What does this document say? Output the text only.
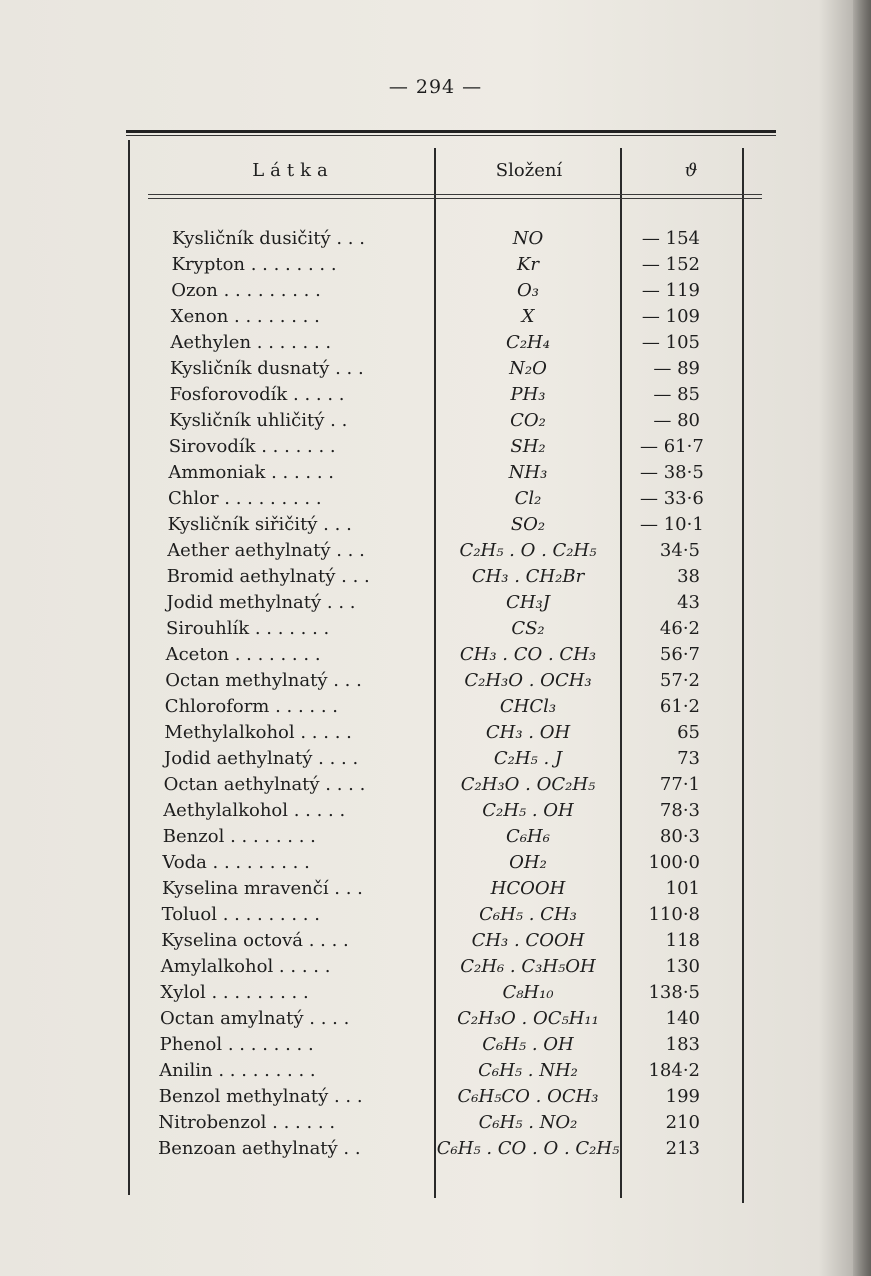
— 294 —
Látka	Složení	ϑ
Kysličník dusičitý . . .	NO	— 154
Krypton . . . . . . . .	Kr	— 152
Ozon . . . . . . . . .	O₃	— 119
Xenon . . . . . . . .	X	— 109
Aethylen . . . . . . .	C₂H₄	— 105
Kysličník dusnatý . . .	N₂O	— 89
Fosforovodík . . . . .	PH₃	— 85
Kysličník uhličitý . .	CO₂	— 80
Sirovodík . . . . . . .	SH₂	— 61·7
Ammoniak . . . . . .	NH₃	— 38·5
Chlor . . . . . . . . .	Cl₂	— 33·6
Kysličník siřičitý . . .	SO₂	— 10·1
Aether aethylnatý . . .	C₂H₅ . O . C₂H₅	34·5
Bromid aethylnatý . . .	CH₃ . CH₂Br	38
Jodid methylnatý . . .	CH₃J	43
Sirouhlík . . . . . . .	CS₂	46·2
Aceton . . . . . . . .	CH₃ . CO . CH₃	56·7
Octan methylnatý . . .	C₂H₃O . OCH₃	57·2
Chloroform . . . . . .	CHCl₃	61·2
Methylalkohol . . . . .	CH₃ . OH	65
Jodid aethylnatý . . . .	C₂H₅ . J	73
Octan aethylnatý . . . .	C₂H₃O . OC₂H₅	77·1
Aethylalkohol . . . . .	C₂H₅ . OH	78·3
Benzol . . . . . . . .	C₆H₆	80·3
Voda . . . . . . . . .	OH₂	100·0
Kyselina mravenčí . . .	HCOOH	101
Toluol . . . . . . . . .	C₆H₅ . CH₃	110·8
Kyselina octová . . . .	CH₃ . COOH	118
Amylalkohol . . . . .	C₂H₆ . C₃H₅OH	130
Xylol . . . . . . . . .	C₈H₁₀	138·5
Octan amylnatý . . . .	C₂H₃O . OC₅H₁₁	140
Phenol . . . . . . . .	C₆H₅ . OH	183
Anilin . . . . . . . . .	C₆H₅ . NH₂	184·2
Benzol methylnatý . . .	C₆H₅CO . OCH₃	199
Nitrobenzol . . . . . .	C₆H₅ . NO₂	210
Benzoan aethylnatý . .	C₆H₅ . CO . O . C₂H₅	213
